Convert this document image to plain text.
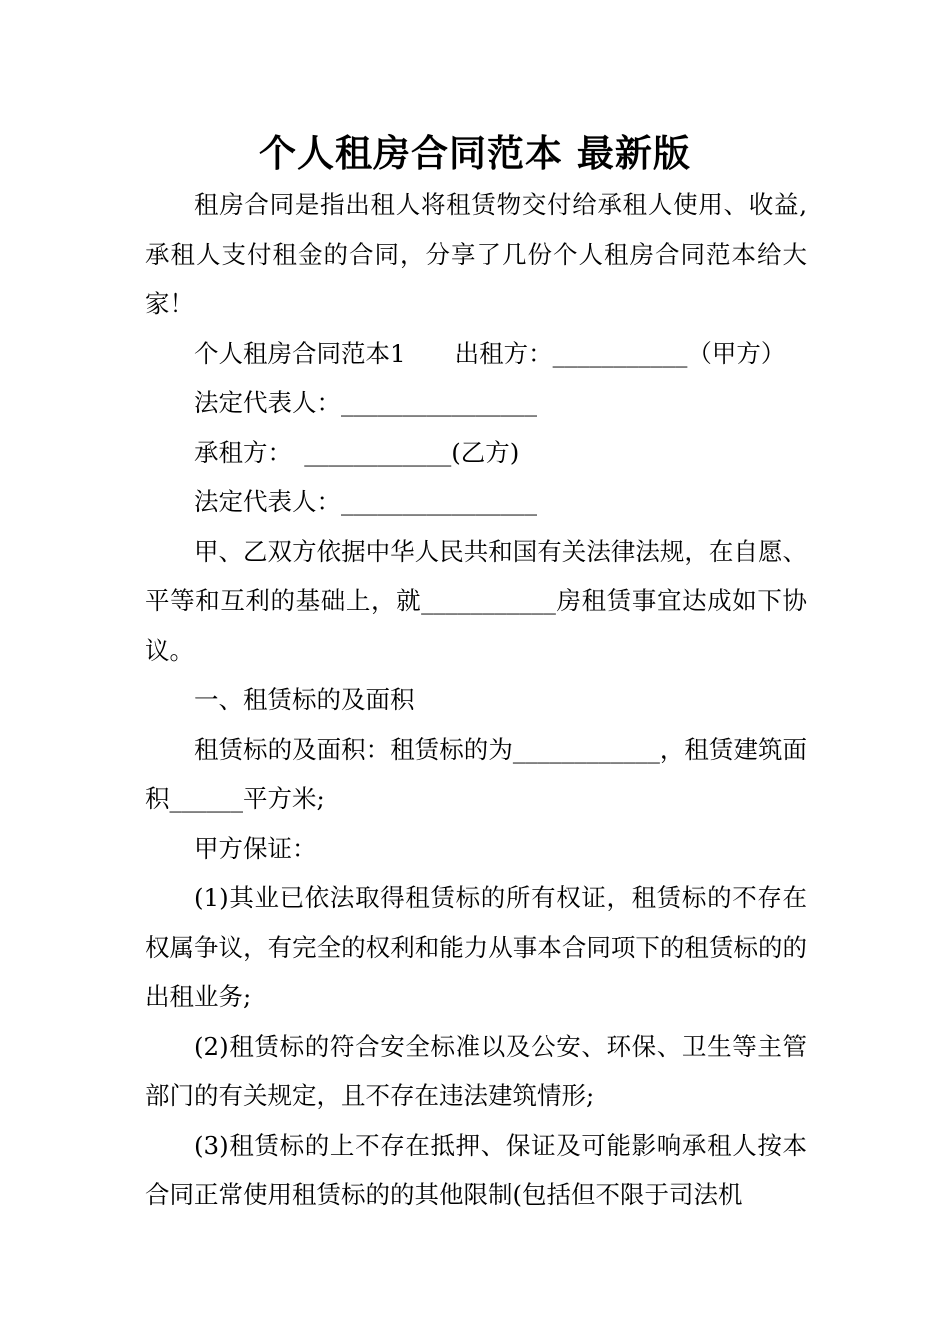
个人租房合同范本 最新版

租房合同是指出租人将租赁物交付给承租人使用、收益,承租人支付租金的合同，分享了几份个人租房合同范本给大家！

个人租房合同范本1　　出租方：___________（甲方）

法定代表人：________________

承租方：　____________(乙方)

法定代表人：________________

甲、乙双方依据中华人民共和国有关法律法规，在自愿、平等和互利的基础上，就___________房租赁事宜达成如下协议。

一、租赁标的及面积

租赁标的及面积：租赁标的为____________，租赁建筑面积______平方米;

甲方保证：

(1)其业已依法取得租赁标的所有权证，租赁标的不存在权属争议，有完全的权利和能力从事本合同项下的租赁标的的出租业务;

(2)租赁标的符合安全标准以及公安、环保、卫生等主管部门的有关规定，且不存在违法建筑情形;

(3)租赁标的上不存在抵押、保证及可能影响承租人按本合同正常使用租赁标的的其他限制(包括但不限于司法机
